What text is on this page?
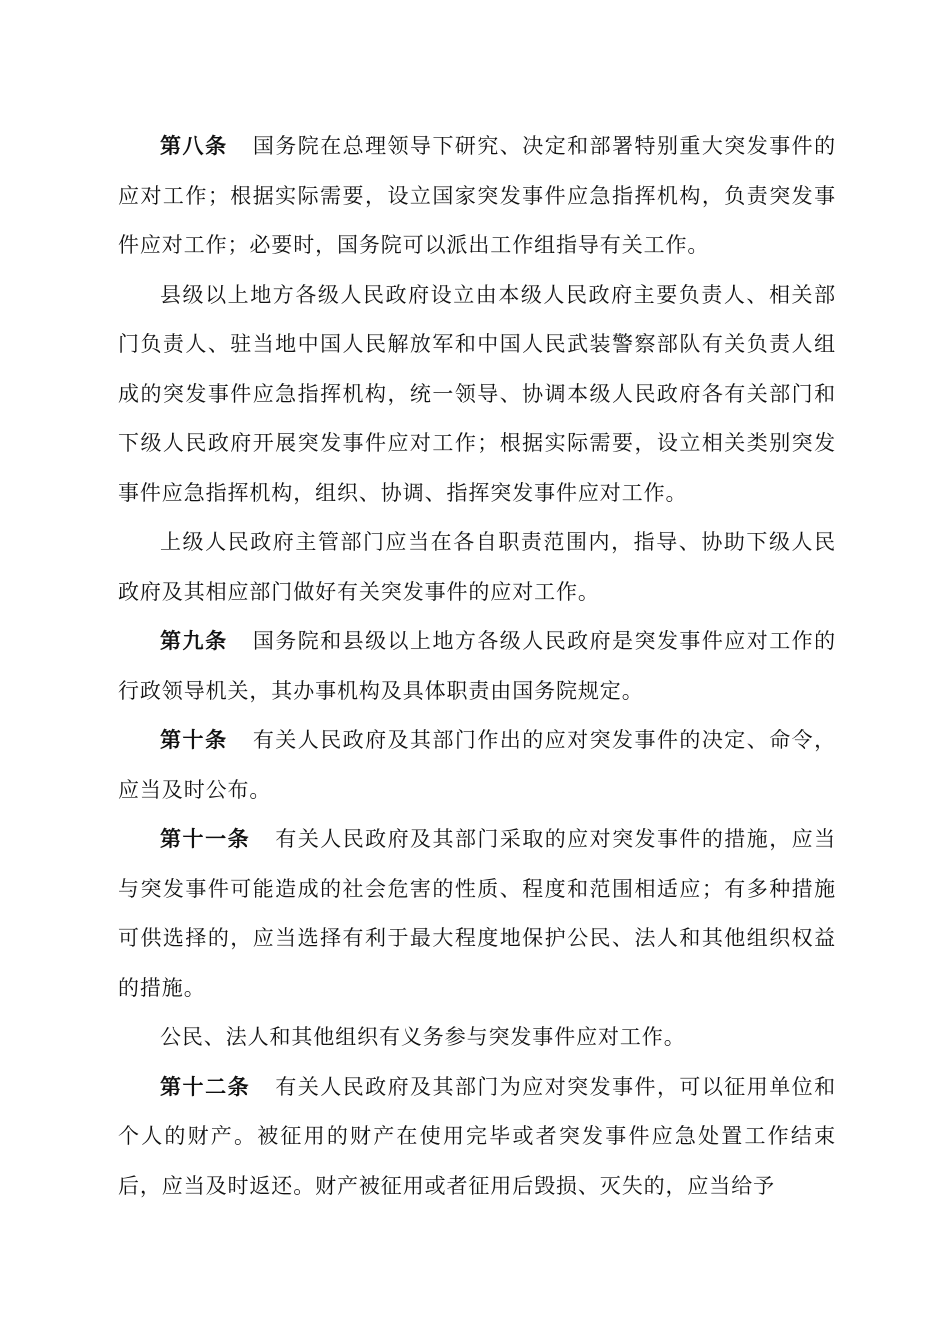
第八条 国务院在总理领导下研究、决定和部署特别重大突发事件的应对工作；根据实际需要，设立国家突发事件应急指挥机构，负责突发事件应对工作；必要时，国务院可以派出工作组指导有关工作。

县级以上地方各级人民政府设立由本级人民政府主要负责人、相关部门负责人、驻当地中国人民解放军和中国人民武装警察部队有关负责人组成的突发事件应急指挥机构，统一领导、协调本级人民政府各有关部门和下级人民政府开展突发事件应对工作；根据实际需要，设立相关类别突发事件应急指挥机构，组织、协调、指挥突发事件应对工作。

上级人民政府主管部门应当在各自职责范围内，指导、协助下级人民政府及其相应部门做好有关突发事件的应对工作。

第九条 国务院和县级以上地方各级人民政府是突发事件应对工作的行政领导机关，其办事机构及具体职责由国务院规定。

第十条 有关人民政府及其部门作出的应对突发事件的决定、命令，应当及时公布。

第十一条 有关人民政府及其部门采取的应对突发事件的措施，应当与突发事件可能造成的社会危害的性质、程度和范围相适应；有多种措施可供选择的，应当选择有利于最大程度地保护公民、法人和其他组织权益的措施。

公民、法人和其他组织有义务参与突发事件应对工作。

第十二条 有关人民政府及其部门为应对突发事件，可以征用单位和个人的财产。被征用的财产在使用完毕或者突发事件应急处置工作结束后，应当及时返还。财产被征用或者征用后毁损、灭失的，应当给予
